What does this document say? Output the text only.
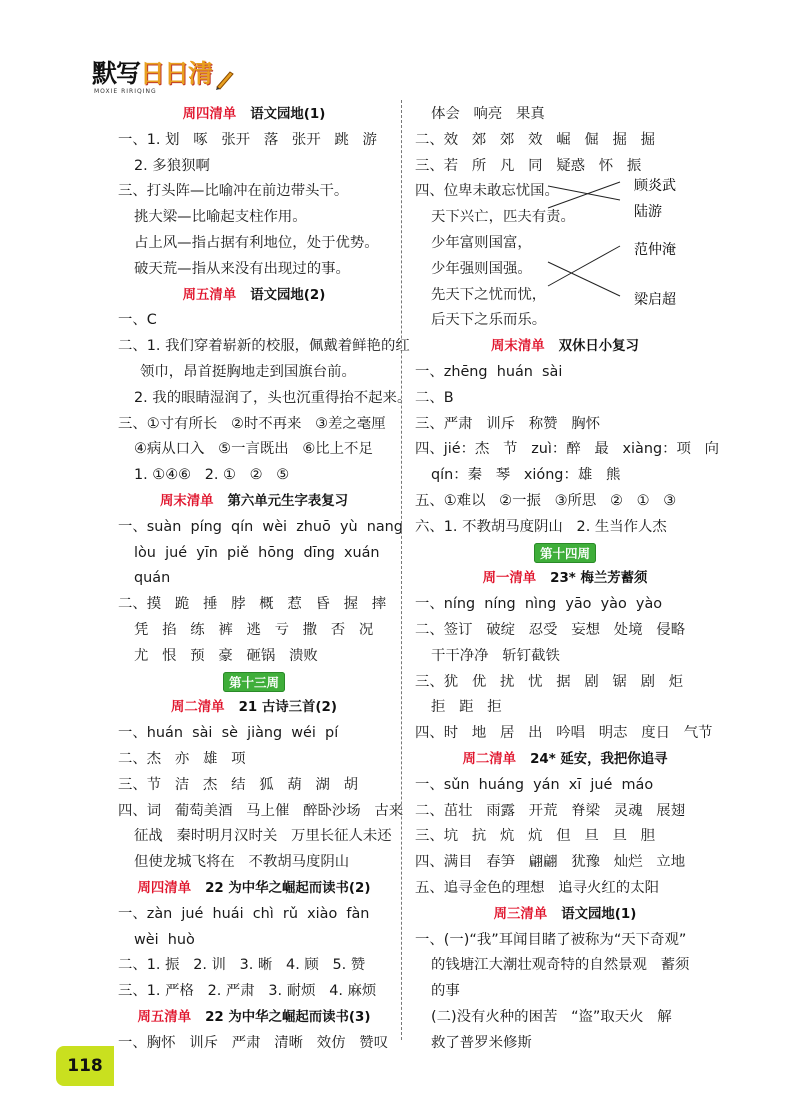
默写 日日清
MOXIE RIRIQING
周四清单 语文园地(1)
一、1. 划   啄   张开   落   张开   跳   游
2. 多狼狈啊
三、打头阵—比喻冲在前边带头干。
挑大梁—比喻起支柱作用。
占上风—指占据有利地位，处于优势。
破天荒—指从来没有出现过的事。
周五清单 语文园地(2)
一、C
二、1. 我们穿着崭新的校服，佩戴着鲜艳的红
领巾，昂首挺胸地走到国旗台前。
2. 我的眼睛湿润了，头也沉重得抬不起来。
三、①寸有所长   ②时不再来   ③差之毫厘
④病从口入   ⑤一言既出   ⑥比上不足
1. ①④⑥   2. ①   ②   ⑤
周末清单 第六单元生字表复习
一、suàn  píng  qín  wèi  zhuō  yù  nang
lòu  jué  yīn  piě  hōng  dīng  xuán
quán
二、摸   跪   捶   脖   概   惹   昏   握   摔
凭   掐   练   裤   逃   亏   撒   否   况
尤   恨   预   豪   砸锅   溃败
第十三周
周二清单 21 古诗三首(2)
一、huán  sài  sè  jiàng  wéi  pí
二、杰   亦   雄   项
三、节   洁   杰   结   狐   葫   湖   胡
四、词   葡萄美酒   马上催   醉卧沙场   古来
征战   秦时明月汉时关   万里长征人未还
但使龙城飞将在   不教胡马度阴山
周四清单 22 为中华之崛起而读书(2)
一、zàn  jué  huái  chì  rǔ  xiào  fàn
wèi  huò
二、1. 振   2. 训   3. 晰   4. 顾   5. 赞
三、1. 严格   2. 严肃   3. 耐烦   4. 麻烦
周五清单 22 为中华之崛起而读书(3)
一、胸怀   训斥   严肃   清晰   效仿   赞叹
体会   响亮   果真
二、效   郊   郊   效   崛   倔   掘   掘
三、若   所   凡   同   疑惑   怀   振
四、位卑未敢忘忧国。
天下兴亡，匹夫有责。
少年富则国富，
少年强则国强。
先天下之忧而忧，
后天下之乐而乐。
周末清单 双休日小复习
一、zhēng  huán  sài
二、B
三、严肃   训斥   称赞   胸怀
四、jié：杰   节   zuì：醉   最   xiàng：项   向
qín：秦   琴   xióng：雄   熊
五、①难以   ②一振   ③所思   ②   ①   ③
六、1. 不教胡马度阴山   2. 生当作人杰
第十四周
周一清单 23* 梅兰芳蓄须
一、níng  níng  nìng  yāo  yào  yào
二、签订   破绽   忍受   妄想   处境   侵略
干干净净   斩钉截铁
三、犹   优   扰   忧   据   剧   锯   剧   炬
拒   距   拒
四、时   地   居   出   吟唱   明志   度日   气节
周二清单 24* 延安，我把你追寻
一、sǔn  huáng  yán  xī  jué  máo
二、茁壮   雨露   开荒   脊梁   灵魂   展翅
三、坑   抗   炕   炕   但   旦   旦   胆
四、满目   春笋   翩翩   犹豫   灿烂   立地
五、追寻金色的理想   追寻火红的太阳
周三清单 语文园地(1)
一、(一)“我”耳闻目睹了被称为“天下奇观”
的钱塘江大潮壮观奇特的自然景观   蓄须
的事
(二)没有火种的困苦   “盗”取天火   解
救了普罗米修斯
顾炎武
陆游
范仲淹
梁启超
118
